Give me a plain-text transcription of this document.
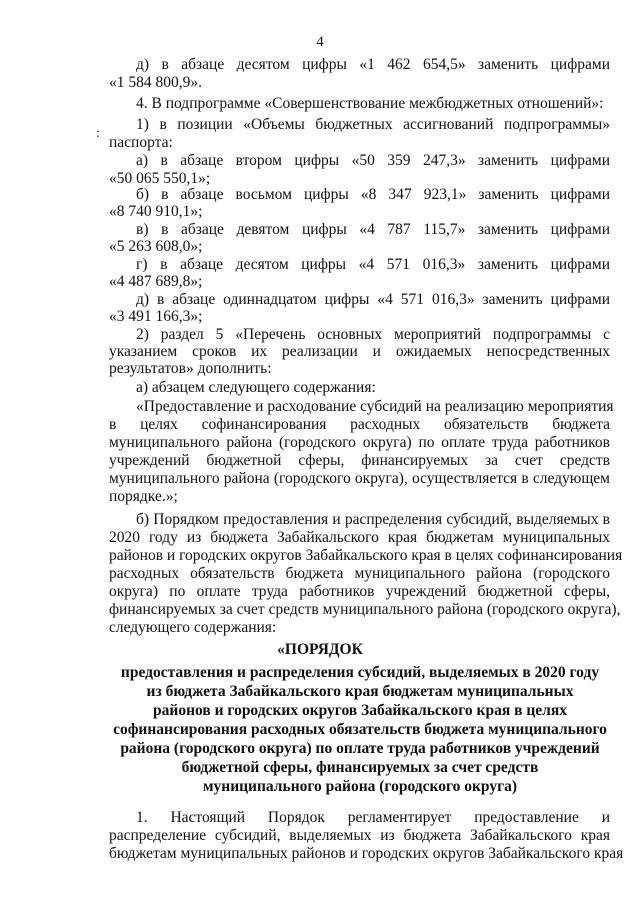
4
:
д) в абзаце десятом цифры «1 462 654,5» заменить цифрами
«1 584 800,9».
4. В подпрограмме «Совершенствование межбюджетных отношений»:
1) в позиции «Объемы бюджетных ассигнований подпрограммы»
паспорта:
а) в абзаце втором цифры «50 359 247,3» заменить цифрами
«50 065 550,1»;
б) в абзаце восьмом цифры «8 347 923,1» заменить цифрами
«8 740 910,1»;
в) в абзаце девятом цифры «4 787 115,7» заменить цифрами
«5 263 608,0»;
г) в абзаце десятом цифры «4 571 016,3» заменить цифрами
«4 487 689,8»;
д) в абзаце одиннадцатом цифры «4 571 016,3» заменить цифрами
«3 491 166,3»;
2) раздел 5 «Перечень основных мероприятий подпрограммы с
указанием сроков их реализации и ожидаемых непосредственных
результатов» дополнить:
а) абзацем следующего содержания:
«Предоставление и расходование субсидий на реализацию мероприятия
в целях софинансирования расходных обязательств бюджета
муниципального района (городского округа) по оплате труда работников
учреждений бюджетной сферы, финансируемых за счет средств
муниципального района (городского округа), осуществляется в следующем
порядке.»;
б) Порядком предоставления и распределения субсидий, выделяемых в
2020 году из бюджета Забайкальского края бюджетам муниципальных
районов и городских округов Забайкальского края в целях софинансирования
расходных обязательств бюджета муниципального района (городского
округа) по оплате труда работников учреждений бюджетной сферы,
финансируемых за счет средств муниципального района (городского округа),
следующего содержания:
«ПОРЯДОК
предоставления и распределения субсидий, выделяемых в 2020 году
из бюджета Забайкальского края бюджетам муниципальных
районов и городских округов Забайкальского края в целях
софинансирования расходных обязательств бюджета муниципального
района (городского округа) по оплате труда работников учреждений
бюджетной сферы, финансируемых за счет средств
муниципального района (городского округа)
1. Настоящий Порядок регламентирует предоставление и
распределение субсидий, выделяемых из бюджета Забайкальского края
бюджетам муниципальных районов и городских округов Забайкальского края
